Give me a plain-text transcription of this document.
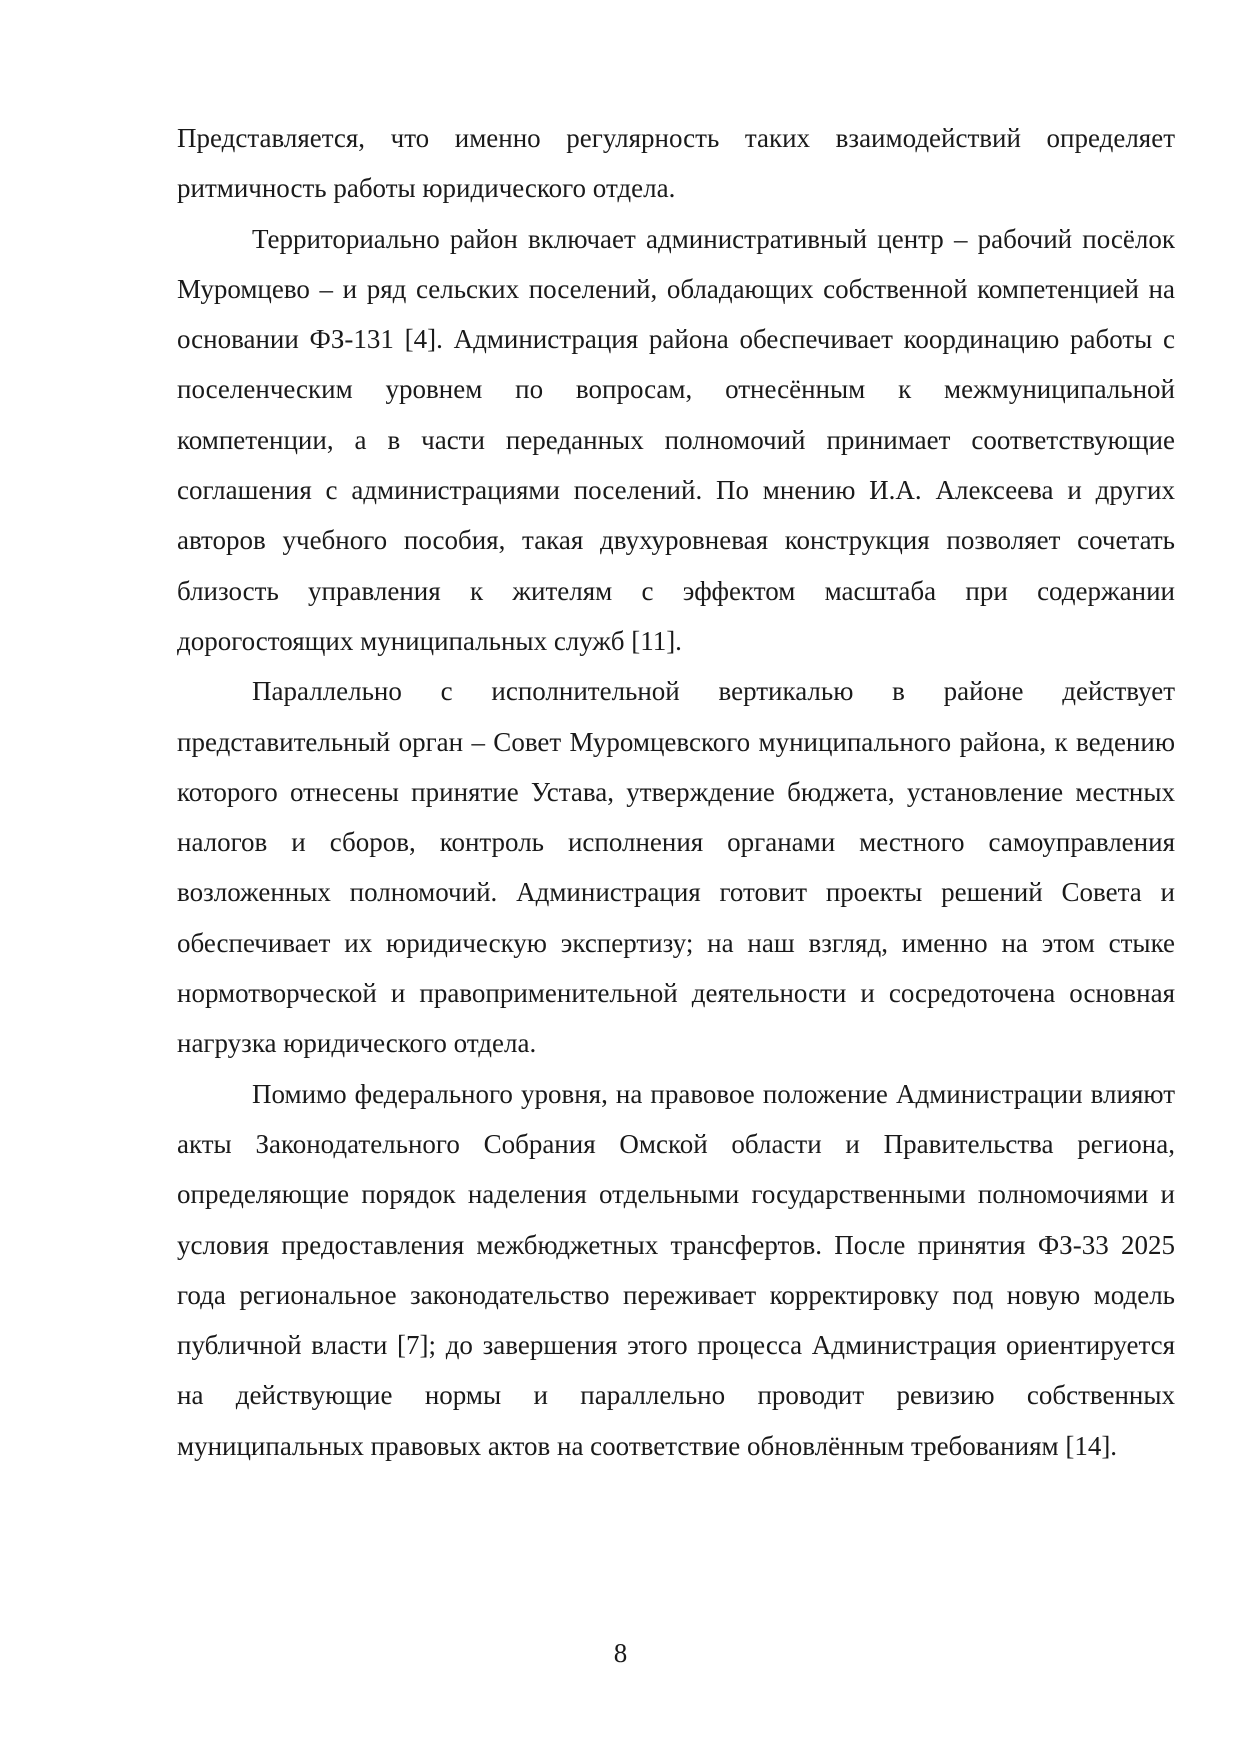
Представляется, что именно регулярность таких взаимодействий определяет ритмичность работы юридического отдела.

Территориально район включает административный центр – рабочий посёлок Муромцево – и ряд сельских поселений, обладающих собственной компетенцией на основании ФЗ-131 [4]. Администрация района обеспечивает координацию работы с поселенческим уровнем по вопросам, отнесённым к межмуниципальной компетенции, а в части переданных полномочий принимает соответствующие соглашения с администрациями поселений. По мнению И.А. Алексеева и других авторов учебного пособия, такая двухуровневая конструкция позволяет сочетать близость управления к жителям с эффектом масштаба при содержании дорогостоящих муниципальных служб [11].

Параллельно с исполнительной вертикалью в районе действует представительный орган – Совет Муромцевского муниципального района, к ведению которого отнесены принятие Устава, утверждение бюджета, установление местных налогов и сборов, контроль исполнения органами местного самоуправления возложенных полномочий. Администрация готовит проекты решений Совета и обеспечивает их юридическую экспертизу; на наш взгляд, именно на этом стыке нормотворческой и правоприменительной деятельности и сосредоточена основная нагрузка юридического отдела.

Помимо федерального уровня, на правовое положение Администрации влияют акты Законодательного Собрания Омской области и Правительства региона, определяющие порядок наделения отдельными государственными полномочиями и условия предоставления межбюджетных трансфертов. После принятия ФЗ-33 2025 года региональное законодательство переживает корректировку под новую модель публичной власти [7]; до завершения этого процесса Администрация ориентируется на действующие нормы и параллельно проводит ревизию собственных муниципальных правовых актов на соответствие обновлённым требованиям [14].

8
